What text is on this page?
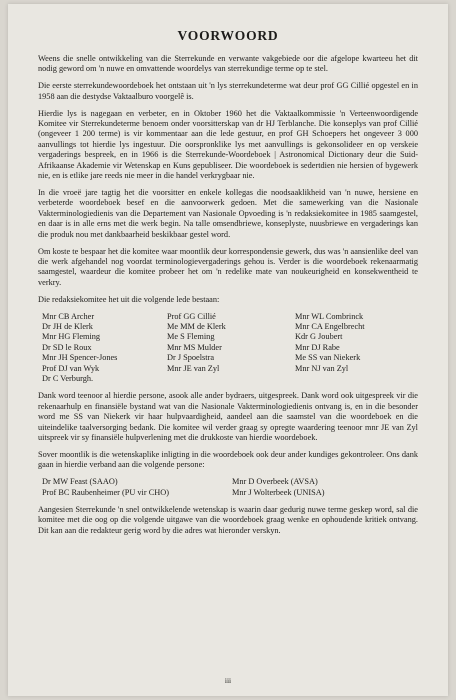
VOORWOORD

Weens die snelle ontwikkeling van die Sterrekunde en verwante vakgebiede oor die afgelope kwarteeu het dit nodig geword om 'n nuwe en omvattende woordelys van sterrekundige terme op te stel.

Die eerste sterrekundewoordeboek het ontstaan uit 'n lys sterrekundeterme wat deur prof GG Cillié opgestel en in 1958 aan die destydse Vaktaalburo voorgelê is.

Hierdie lys is nagegaan en verbeter, en in Oktober 1960 het die Vaktaalkommissie 'n Verteenwoordigende Komitee vir Sterrekundeterme benoem onder voorsitterskap van dr HJ Terblanche. Die konseplys van prof Cillié (ongeveer 1 200 terme) is vir kommentaar aan die lede gestuur, en prof GH Schoepers het ongeveer 3 000 aanvullings tot hierdie lys ingestuur. Die oorspronklike lys met aanvullings is gekonsolideer en op verskeie vergaderings bespreek, en in 1966 is die Sterrekunde-Woordeboek | Astronomical Dictionary deur die Suid-Afrikaanse Akademie vir Wetenskap en Kuns gepubliseer. Die woordeboek is sedertdien nie hersien of bygewerk nie, en is etlike jare reeds nie meer in die handel verkrygbaar nie.

In die vroeë jare tagtig het die voorsitter en enkele kollegas die noodsaaklikheid van 'n nuwe, hersiene en verbeterde woordeboek besef en die aanvoorwerk gedoen. Met die samewerking van die Nasionale Vakterminologiedienis van die Departement van Nasionale Opvoeding is 'n redaksiekomitee in 1985 saamgestel, en daar is in alle erns met die werk begin. Na talle omsendbriewe, konseplyste, nuusbriewe en vergaderings kan die produk nou met dankbaarheid beskikbaar gestel word.

Om koste te bespaar het die komitee waar moontlik deur korrespondensie gewerk, dus was 'n aansienlike deel van die werk afgehandel nog voordat terminologievergaderings gehou is. Verder is die woordeboek rekenaarmatig saamgestel, waardeur die komitee probeer het om 'n redelike mate van noukeurigheid en konsekwentheid te verkry.

Die redaksiekomitee het uit die volgende lede bestaan:

Mnr CB Archer
Dr JH de Klerk
Mnr HG Fleming
Dr SD le Roux
Mnr JH Spencer-Jones
Prof DJ van Wyk
Dr C Verburgh.
Prof GG Cillié
Me MM de Klerk
Me S Fleming
Mnr MS Mulder
Dr J Spoelstra
Mnr JE van Zyl
Mnr WL Combrinck
Mnr CA Engelbrecht
Kdr G Joubert
Mnr DJ Rabe
Me SS van Niekerk
Mnr NJ van Zyl

Dank word teenoor al hierdie persone, asook alle ander bydraers, uitgespreek. Dank word ook uitgespreek vir die rekenaarhulp en finansiële bystand wat van die Nasionale Vakterminologiedienis ontvang is, en in die besonder word me SS van Niekerk vir haar hulpvaardigheid, aandeel aan die saamstel van die woordeboek en die uiteindelike taalversorging bedank. Die komitee wil verder graag sy opregte waardering teenoor mnr JE van Zyl uitspreek vir sy finansiële hulpverlening met die drukkoste van hierdie woordeboek.

Sover moontlik is die wetenskaplike inligting in die woordeboek ook deur ander kundiges gekontroleer. Ons dank gaan in hierdie verband aan die volgende persone:

Dr MW Feast (SAAO)
Prof BC Raubenheimer (PU vir CHO)
Mnr D Overbeek (AVSA)
Mnr J Wolterbeek (UNISA)

Aangesien Sterrekunde 'n snel ontwikkelende wetenskap is waarin daar gedurig nuwe terme geskep word, sal die komitee met die oog op die volgende uitgawe van die woordeboek graag wenke en ophoudende kritiek ontvang. Dit kan aan die redakteur gerig word by die adres wat hieronder verskyn.

iii
